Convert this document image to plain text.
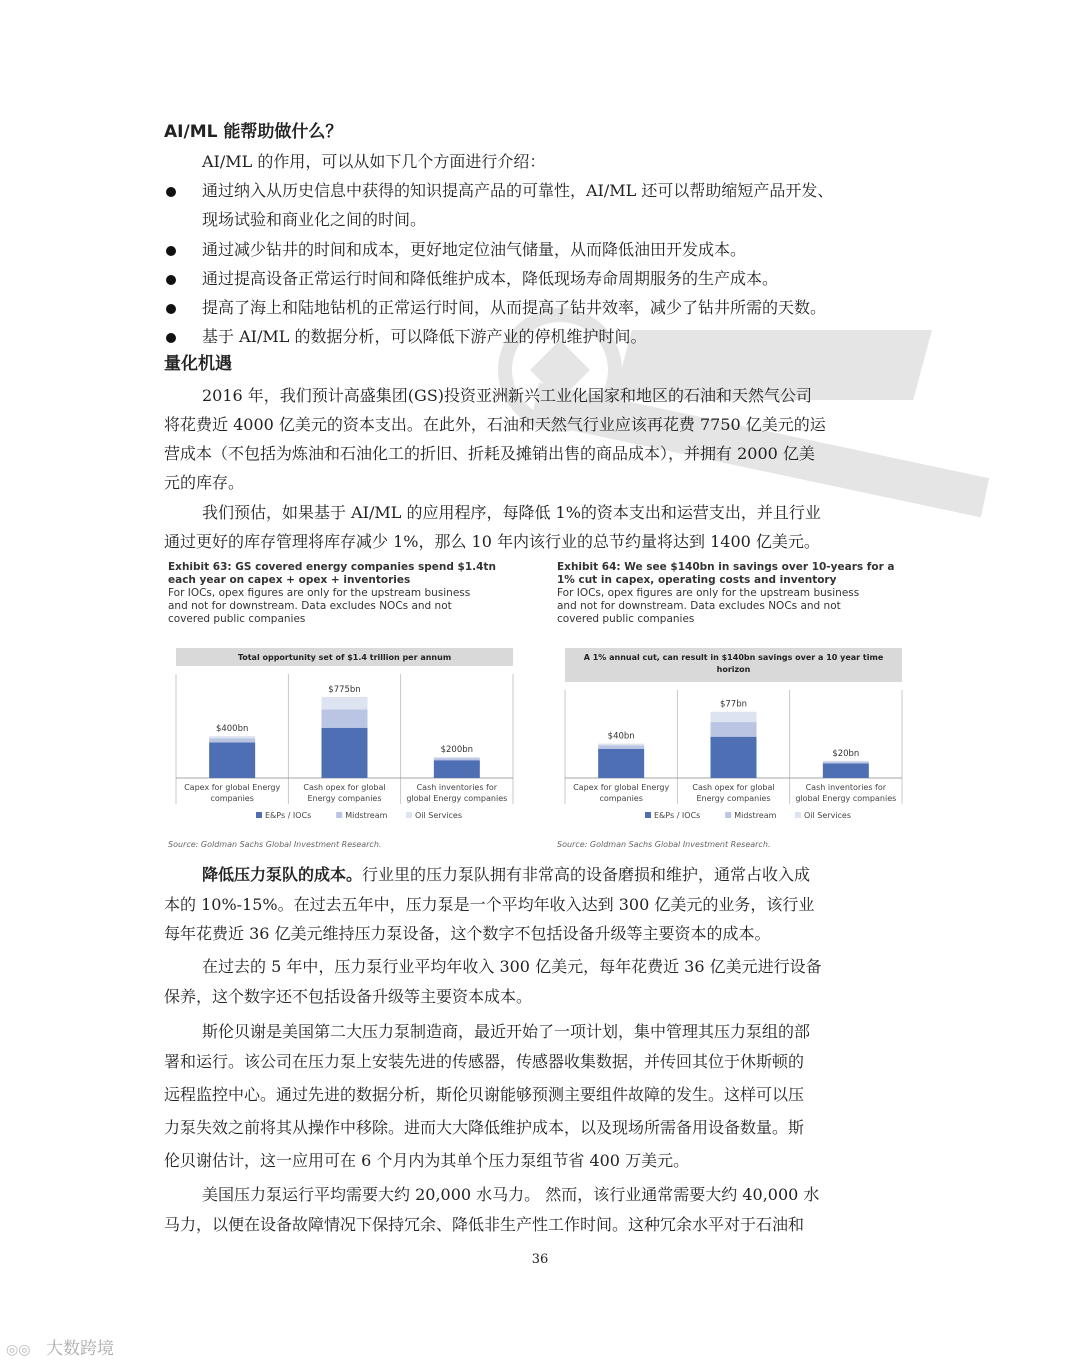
AI/ML 能帮助做什么？

AI/ML 的作用，可以从如下几个方面进行介绍：

通过纳入从历史信息中获得的知识提高产品的可靠性，AI/ML 还可以帮助缩短产品开发、

现场试验和商业化之间的时间。

通过减少钻井的时间和成本，更好地定位油气储量，从而降低油田开发成本。

通过提高设备正常运行时间和降低维护成本，降低现场寿命周期服务的生产成本。

提高了海上和陆地钻机的正常运行时间，从而提高了钻井效率，减少了钻井所需的天数。

基于 AI/ML 的数据分析，可以降低下游产业的停机维护时间。

量化机遇

2016 年，我们预计高盛集团(GS)投资亚洲新兴工业化国家和地区的石油和天然气公司

将花费近 4000 亿美元的资本支出。在此外，石油和天然气行业应该再花费 7750 亿美元的运

营成本（不包括为炼油和石油化工的折旧、折耗及摊销出售的商品成本），并拥有 2000 亿美

元的库存。

我们预估，如果基于 AI/ML 的应用程序，每降低 1%的资本支出和运营支出，并且行业

通过更好的库存管理将库存减少 1%，那么 10 年内该行业的总节约量将达到 1400 亿美元。

Exhibit 63: GS covered energy companies spend $1.4tn
each year on capex + opex + inventories
For IOCs, opex figures are only for the upstream business
and not for downstream. Data excludes NOCs and not
covered public companies
Total opportunity set of $1.4 trillion per annum
$400bn
Capex for global Energy
companies
$775bn
Cash opex for global
Energy companies
$200bn
Cash inventories for
global Energy companies
E&Ps / IOCs	Midstream	Oil Services
Source: Goldman Sachs Global Investment Research.
Exhibit 64: We see $140bn in savings over 10-years for a
1% cut in capex, operating costs and inventory
For IOCs, opex figures are only for the upstream business
and not for downstream. Data excludes NOCs and not
covered public companies
A 1% annual cut, can result in $140bn savings over a 10 year time
horizon
$40bn
Capex for global Energy
companies
$77bn
Cash opex for global
Energy companies
$20bn
Cash inventories for
global Energy companies
E&Ps / IOCs	Midstream	Oil Services
Source: Goldman Sachs Global Investment Research.

降低压力泵队的成本。行业里的压力泵队拥有非常高的设备磨损和维护，通常占收入成

本的 10%-15%。在过去五年中，压力泵是一个平均年收入达到 300 亿美元的业务，该行业

每年花费近 36 亿美元维持压力泵设备，这个数字不包括设备升级等主要资本的成本。

在过去的 5 年中，压力泵行业平均年收入 300 亿美元，每年花费近 36 亿美元进行设备

保养，这个数字还不包括设备升级等主要资本成本。

斯伦贝谢是美国第二大压力泵制造商，最近开始了一项计划，集中管理其压力泵组的部

署和运行。该公司在压力泵上安装先进的传感器，传感器收集数据，并传回其位于休斯顿的

远程监控中心。通过先进的数据分析，斯伦贝谢能够预测主要组件故障的发生。这样可以压

力泵失效之前将其从操作中移除。进而大大降低维护成本，以及现场所需备用设备数量。斯

伦贝谢估计，这一应用可在 6 个月内为其单个压力泵组节省 400 万美元。

美国压力泵运行平均需要大约 20,000 水马力。 然而，该行业通常需要大约 40,000 水

马力，以便在设备故障情况下保持冗余、降低非生产性工作时间。这种冗余水平对于石油和

36
◎◎ 大数跨境
